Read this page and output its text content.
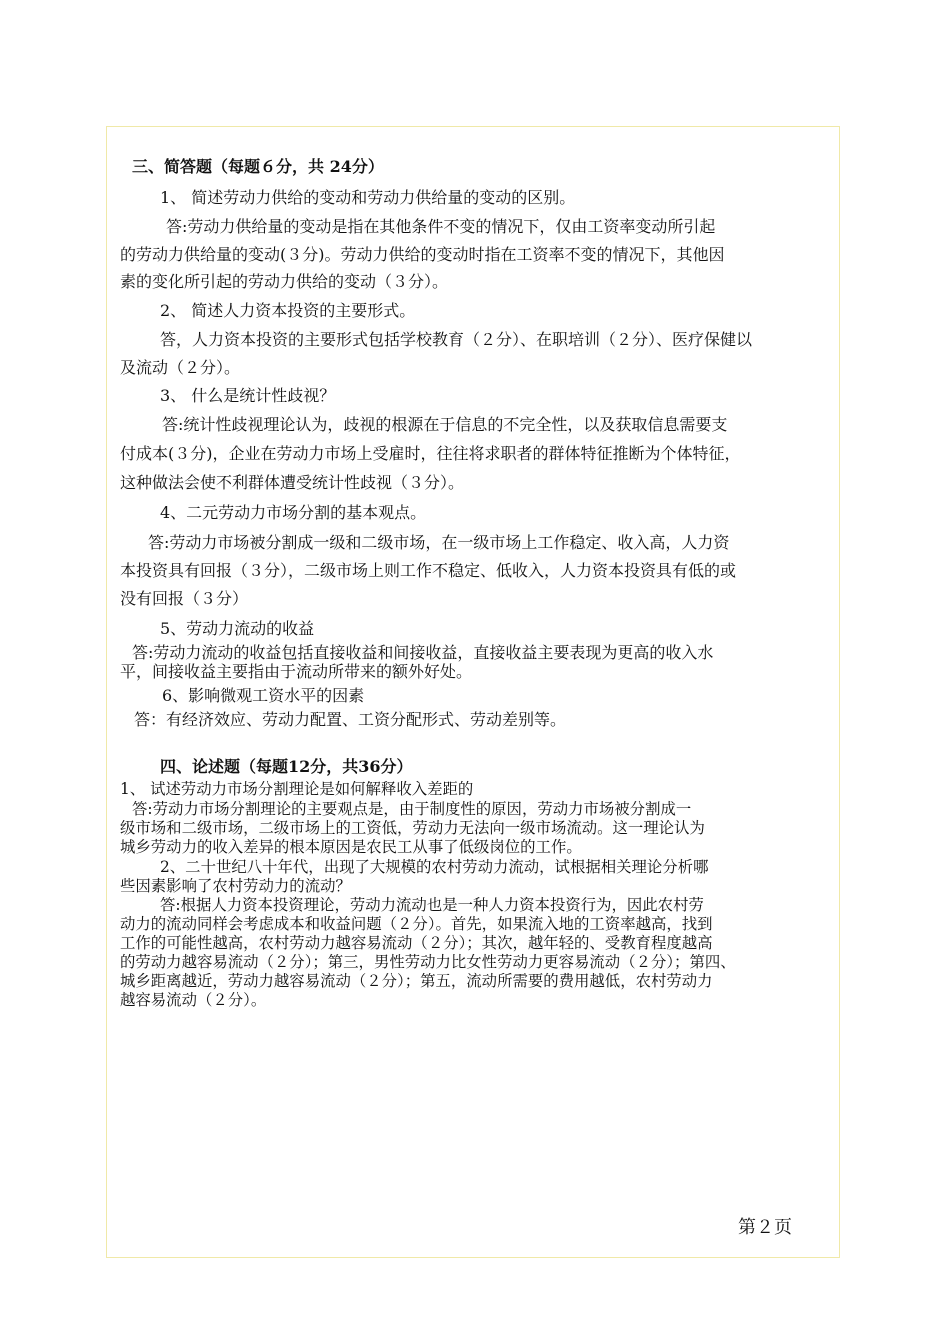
三、简答题（每题６分，共 24分）
1、 简述劳动力供给的变动和劳动力供给量的变动的区别。
答:劳动力供给量的变动是指在其他条件不变的情况下，仅由工资率变动所引起
的劳动力供给量的变动(３分)。劳动力供给的变动时指在工资率不变的情况下，其他因
素的变化所引起的劳动力供给的变动（３分）。
2、 简述人力资本投资的主要形式。
答，人力资本投资的主要形式包括学校教育（２分）、在职培训（２分）、医疗保健以
及流动（２分）。
3、 什么是统计性歧视？
答:统计性歧视理论认为，歧视的根源在于信息的不完全性，以及获取信息需要支
付成本(３分)，企业在劳动力市场上受雇时，往往将求职者的群体特征推断为个体特征，
这种做法会使不利群体遭受统计性歧视（３分）。
4、二元劳动力市场分割的基本观点。
答:劳动力市场被分割成一级和二级市场，在一级市场上工作稳定、收入高，人力资
本投资具有回报（３分），二级市场上则工作不稳定、低收入，人力资本投资具有低的或
没有回报（３分）
5、劳动力流动的收益
答:劳动力流动的收益包括直接收益和间接收益，直接收益主要表现为更高的收入水
平，间接收益主要指由于流动所带来的额外好处。
6、影响微观工资水平的因素
答：有经济效应、劳动力配置、工资分配形式、劳动差别等。
四、论述题（每题12分，共36分）
1、 试述劳动力市场分割理论是如何解释收入差距的
答:劳动力市场分割理论的主要观点是，由于制度性的原因，劳动力市场被分割成一
级市场和二级市场，二级市场上的工资低，劳动力无法向一级市场流动。这一理论认为
城乡劳动力的收入差异的根本原因是农民工从事了低级岗位的工作。
2、二十世纪八十年代，出现了大规模的农村劳动力流动，试根据相关理论分析哪
些因素影响了农村劳动力的流动？
答:根据人力资本投资理论，劳动力流动也是一种人力资本投资行为，因此农村劳
动力的流动同样会考虑成本和收益问题（２分）。首先，如果流入地的工资率越高，找到
工作的可能性越高，农村劳动力越容易流动（２分）；其次，越年轻的、受教育程度越高
的劳动力越容易流动（２分）；第三，男性劳动力比女性劳动力更容易流动（２分）；第四、
城乡距离越近，劳动力越容易流动（２分）；第五，流动所需要的费用越低，农村劳动力
越容易流动（２分）。
第２页
